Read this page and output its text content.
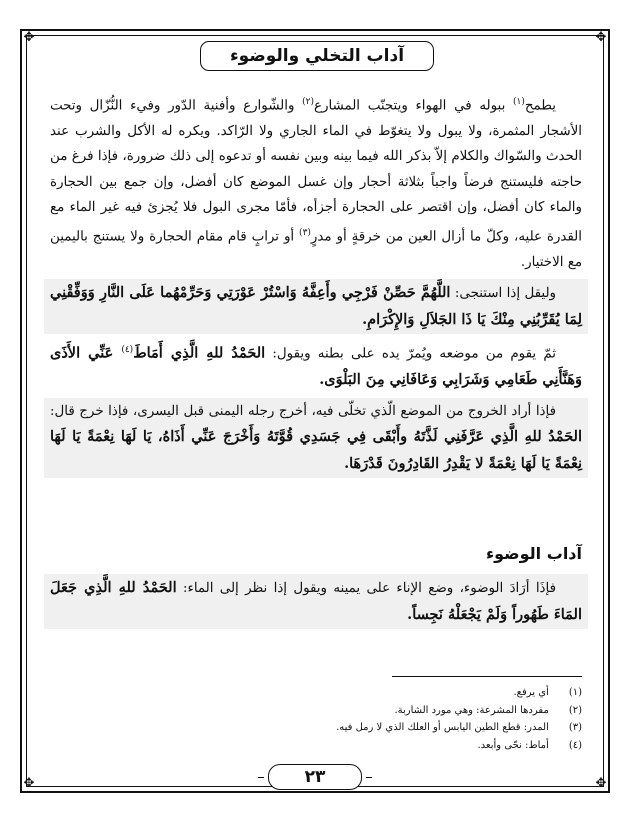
✥	✥
✥	✥
آداب التخلي والوضوء

يطمح$^{(١)}$ ببوله في الهواء ويتجنّب المشارع$^{(٢)}$ والشّوارع وأفنية الدّور وفيء النُّزّال وتحت الأشجار المثمرة، ولا يبول ولا يتغوّط في الماء الجاري ولا الرّاكد. ويكره له الأكل والشرب عند الحدث والسّواك والكلام إلاّ بذكر الله فيما بينه وبين نفسه أو تدعوه إلى ذلك ضرورة، فإذا فرغ من حاجته فليستنج فرضاً واجباً بثلاثة أحجار وإن غسل الموضع كان أفضل، وإن جمع بين الحجارة والماء كان أفضل، وإن اقتصر على الحجارة أجزأه، فأمّا مجرى البول فلا يُجزئ فيه غير الماء مع القدرة عليه، وكلّ ما أزال العين من خرقةٍ أو مدرٍ$^{(٣)}$ أو ترابٍ قام مقام الحجارة ولا يستنج باليمين مع الاختيار.

وليقل إذا استنجى: اللَّهُمَّ حَصِّنْ فَرْجِي وأَعِفَّهُ وَاسْتُرْ عَوْرَتِي وَحَرِّمْهُما عَلَى النَّارِ وَوَفِّقْنِي لِمَا يُقَرِّبُنِي مِنْكَ يَا ذَا الجَلاَلِ وَالإِكْرَامِ.

ثمّ يقوم من موضعه ويُمرّ يده على بطنه ويقول: الحَمْدُ للهِ الَّذِي أَمَاطَ$^{(٤)}$ عَنِّي الأَذَى وَهَنَّأَنِي طَعَامِي وَشَرَابِي وَعَافَانِي مِنَ البَلْوَى.

فإذا أراد الخروج من الموضع الّذي تخلّى فيه، أخرج رجله اليمنى قبل اليسرى، فإذا خرج قال: الحَمْدُ للهِ الَّذِي عَرَّفَنِي لَذَّتَهُ وأَبْقَى فِي جَسَدِي قُوَّتَهُ وَأَخْرَجَ عَنِّي أَذَاهُ، يَا لَهَا نِعْمَةً يَا لَهَا نِعْمَةً يَا لَهَا نِعْمَةً لا يَقْدِرُ القَادِرُونَ قَدْرَهَا.

آداب الوضوء

فإذَا أرَادَ الوضوء، وضع الإناء على يمينه ويقول إذا نظر إلى الماء: الحَمْدُ للهِ الَّذِي جَعَلَ المَاءَ طَهُوراً وَلَمْ يَجْعَلْهُ نَجِساً.

(١) أي يرفع.

(٢) مفردها المشرعة: وهي مورد الشاربة.

(٣) المدر: قطع الطين اليابس أو العلك الذي لا رمل فيه.

(٤) أماط: نحّى وأبعد.

٢٣
